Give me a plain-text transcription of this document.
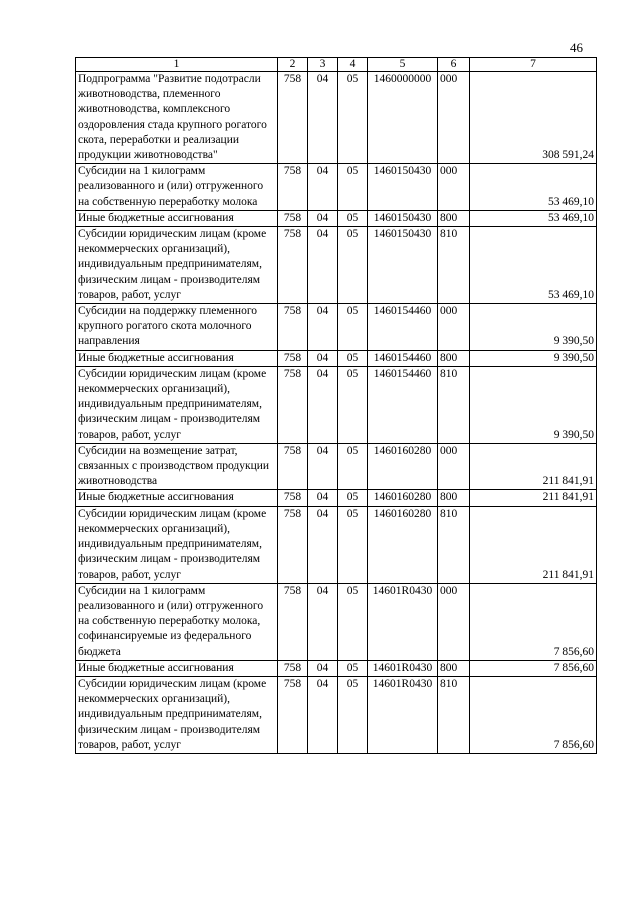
46
1	2	3	4	5	6	7
Подпрограмма "Развитие подотрасли животноводства, племенного животноводства, комплексного оздоровления стада крупного рогатого скота, переработки и реализации продукции животноводства"	758	04	05	1460000000	000	308 591,24
Субсидии на 1 килограмм реализованного и (или) отгруженного на собственную переработку молока	758	04	05	1460150430	000	53 469,10
Иные бюджетные ассигнования	758	04	05	1460150430	800	53 469,10
Субсидии юридическим лицам (кроме некоммерческих организаций), индивидуальным предпринимателям, физическим лицам - производителям товаров, работ, услуг	758	04	05	1460150430	810	53 469,10
Субсидии на поддержку племенного крупного рогатого скота молочного направления	758	04	05	1460154460	000	9 390,50
Иные бюджетные ассигнования	758	04	05	1460154460	800	9 390,50
Субсидии юридическим лицам (кроме некоммерческих организаций), индивидуальным предпринимателям, физическим лицам - производителям товаров, работ, услуг	758	04	05	1460154460	810	9 390,50
Субсидии на возмещение затрат, связанных с производством продукции животноводства	758	04	05	1460160280	000	211 841,91
Иные бюджетные ассигнования	758	04	05	1460160280	800	211 841,91
Субсидии юридическим лицам (кроме некоммерческих организаций), индивидуальным предпринимателям, физическим лицам - производителям товаров, работ, услуг	758	04	05	1460160280	810	211 841,91
Субсидии на 1 килограмм реализованного и (или) отгруженного на собственную переработку молока, софинансируемые из федерального бюджета	758	04	05	14601R0430	000	7 856,60
Иные бюджетные ассигнования	758	04	05	14601R0430	800	7 856,60
Субсидии юридическим лицам (кроме некоммерческих организаций), индивидуальным предпринимателям, физическим лицам - производителям товаров, работ, услуг	758	04	05	14601R0430	810	7 856,60
